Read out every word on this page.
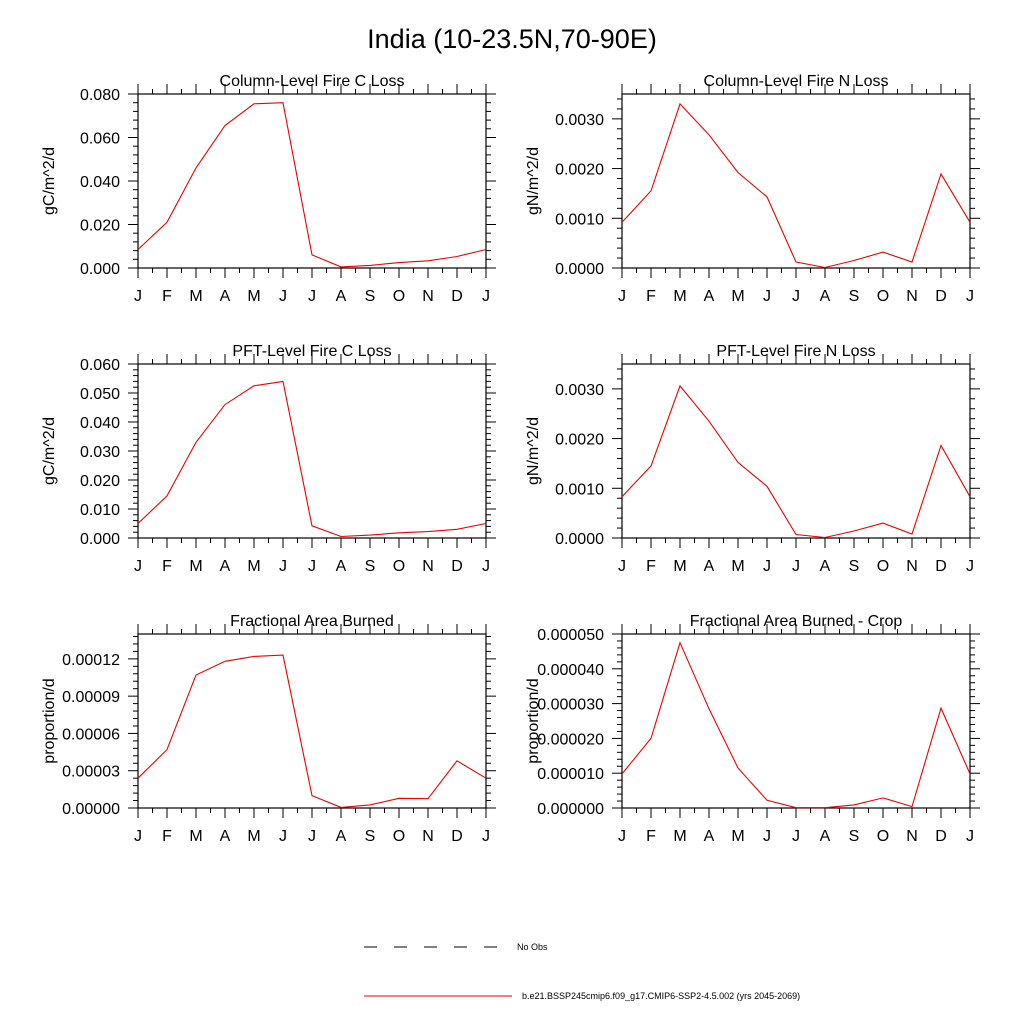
India (10-23.5N,70-90E)
Column-Level Fire C Loss
gC/m^2/d
J F M A M J J A S O N D J
0.000
0.020
0.040
0.060
0.080
Column-Level Fire N Loss
gN/m^2/d
J F M A M J J A S O N D J
0.0000
0.0010
0.0020
0.0030
PFT-Level Fire C Loss
gC/m^2/d
J F M A M J J A S O N D J
0.000
0.010
0.020
0.030
0.040
0.050
0.060
PFT-Level Fire N Loss
gN/m^2/d
J F M A M J J A S O N D J
0.0000
0.0010
0.0020
0.0030
Fractional Area Burned
proportion/d
J F M A M J J A S O N D J
0.00000
0.00003
0.00006
0.00009
0.00012
Fractional Area Burned - Crop
proportion/d
J F M A M J J A S O N D J
0.000000
0.000010
0.000020
0.000030
0.000040
0.000050
No Obs
b.e21.BSSP245cmip6.f09_g17.CMIP6-SSP2-4.5.002 (yrs 2045-2069)
